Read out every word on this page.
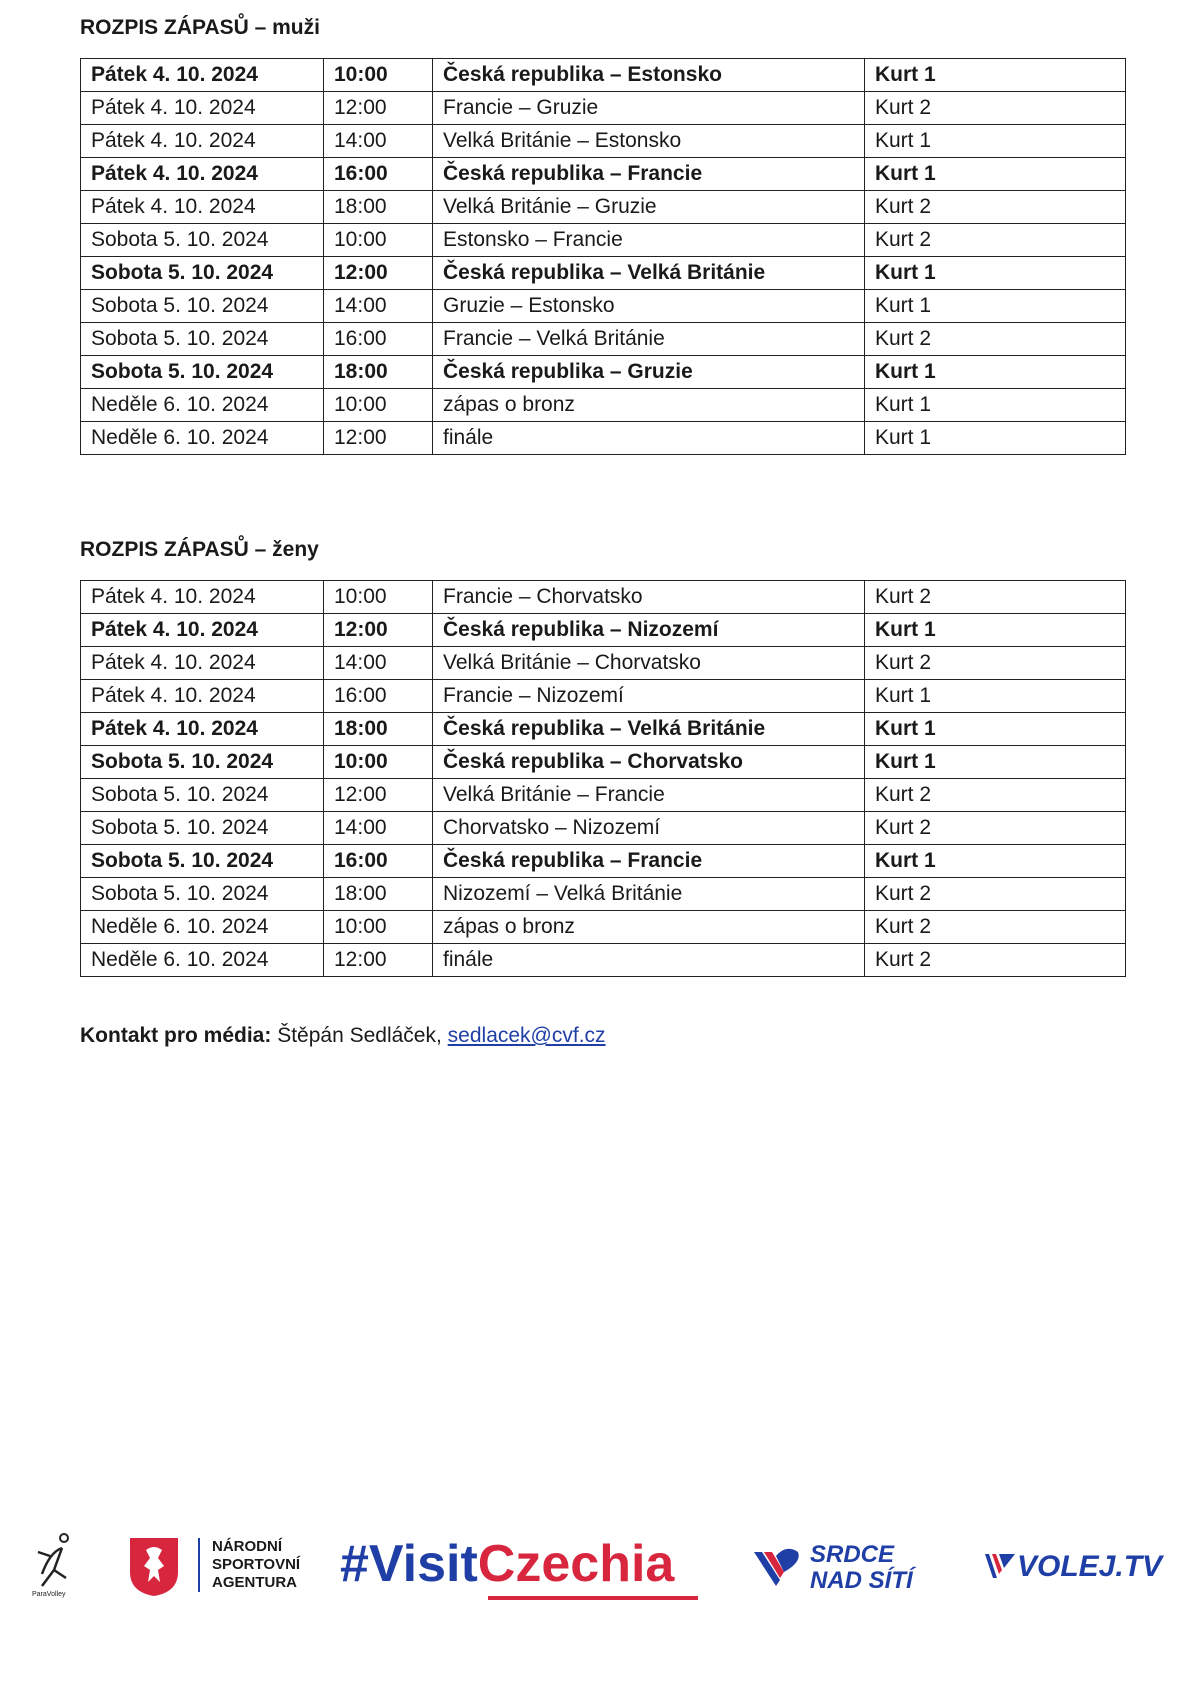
ROZPIS ZÁPASŮ – muži
Pátek 4. 10. 2024	10:00	Česká republika – Estonsko	Kurt 1
Pátek 4. 10. 2024	12:00	Francie – Gruzie	Kurt 2
Pátek 4. 10. 2024	14:00	Velká Británie – Estonsko	Kurt 1
Pátek 4. 10. 2024	16:00	Česká republika – Francie	Kurt 1
Pátek 4. 10. 2024	18:00	Velká Británie – Gruzie	Kurt 2
Sobota 5. 10. 2024	10:00	Estonsko – Francie	Kurt 2
Sobota 5. 10. 2024	12:00	Česká republika – Velká Británie	Kurt 1
Sobota 5. 10. 2024	14:00	Gruzie – Estonsko	Kurt 1
Sobota 5. 10. 2024	16:00	Francie – Velká Británie	Kurt 2
Sobota 5. 10. 2024	18:00	Česká republika – Gruzie	Kurt 1
Neděle 6. 10. 2024	10:00	zápas o bronz	Kurt 1
Neděle 6. 10. 2024	12:00	finále	Kurt 1
ROZPIS ZÁPASŮ – ženy
Pátek 4. 10. 2024	10:00	Francie – Chorvatsko	Kurt 2
Pátek 4. 10. 2024	12:00	Česká republika – Nizozemí	Kurt 1
Pátek 4. 10. 2024	14:00	Velká Británie – Chorvatsko	Kurt 2
Pátek 4. 10. 2024	16:00	Francie – Nizozemí	Kurt 1
Pátek 4. 10. 2024	18:00	Česká republika – Velká Británie	Kurt 1
Sobota 5. 10. 2024	10:00	Česká republika – Chorvatsko	Kurt 1
Sobota 5. 10. 2024	12:00	Velká Británie – Francie	Kurt 2
Sobota 5. 10. 2024	14:00	Chorvatsko – Nizozemí	Kurt 2
Sobota 5. 10. 2024	16:00	Česká republika – Francie	Kurt 1
Sobota 5. 10. 2024	18:00	Nizozemí – Velká Británie	Kurt 2
Neděle 6. 10. 2024	10:00	zápas o bronz	Kurt 2
Neděle 6. 10. 2024	12:00	finále	Kurt 2
Kontakt pro média: Štěpán Sedláček, sedlacek@cvf.cz
ParaVolley
NÁRODNÍ
SPORTOVNÍ
AGENTURA #VisitCzechia	SRDCE
NAD SÍTÍ	VOLEJ.TV
